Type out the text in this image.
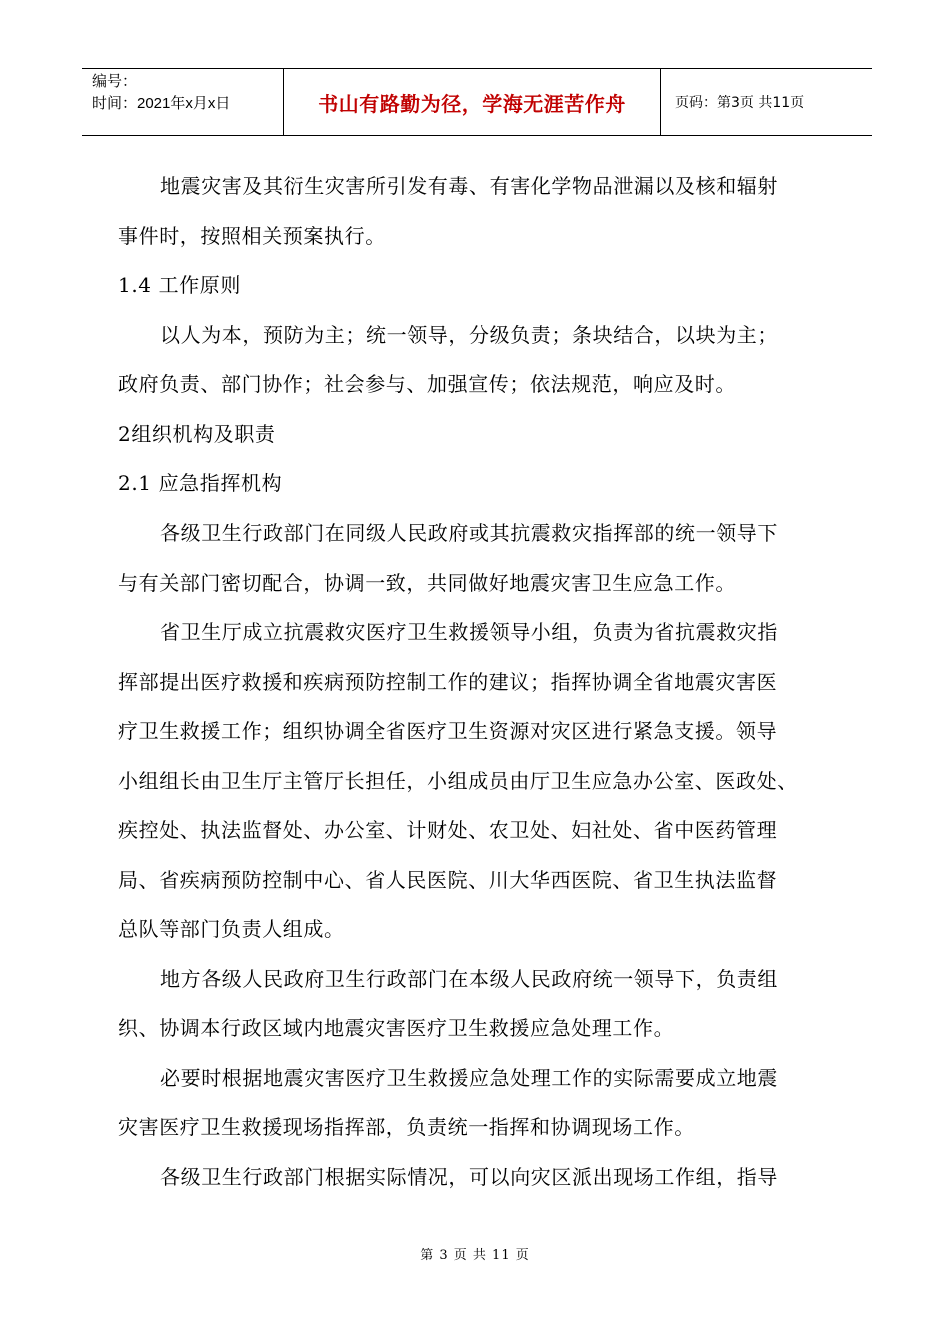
编号：
时间：2021年x月x日	书山有路勤为径，学海无涯苦作舟	页码：第3页 共11页
地震灾害及其衍生灾害所引发有毒、有害化学物品泄漏以及核和辐射
事件时，按照相关预案执行。
1.4 工作原则
以人为本，预防为主；统一领导，分级负责；条块结合，以块为主；
政府负责、部门协作；社会参与、加强宣传；依法规范，响应及时。
2组织机构及职责
2.1 应急指挥机构
各级卫生行政部门在同级人民政府或其抗震救灾指挥部的统一领导下
与有关部门密切配合，协调一致，共同做好地震灾害卫生应急工作。
省卫生厅成立抗震救灾医疗卫生救援领导小组，负责为省抗震救灾指
挥部提出医疗救援和疾病预防控制工作的建议；指挥协调全省地震灾害医
疗卫生救援工作；组织协调全省医疗卫生资源对灾区进行紧急支援。领导
小组组长由卫生厅主管厅长担任，小组成员由厅卫生应急办公室、医政处、
疾控处、执法监督处、办公室、计财处、农卫处、妇社处、省中医药管理
局、省疾病预防控制中心、省人民医院、川大华西医院、省卫生执法监督
总队等部门负责人组成。
地方各级人民政府卫生行政部门在本级人民政府统一领导下，负责组
织、协调本行政区域内地震灾害医疗卫生救援应急处理工作。
必要时根据地震灾害医疗卫生救援应急处理工作的实际需要成立地震
灾害医疗卫生救援现场指挥部，负责统一指挥和协调现场工作。
各级卫生行政部门根据实际情况，可以向灾区派出现场工作组，指导
第 3 页 共 11 页
